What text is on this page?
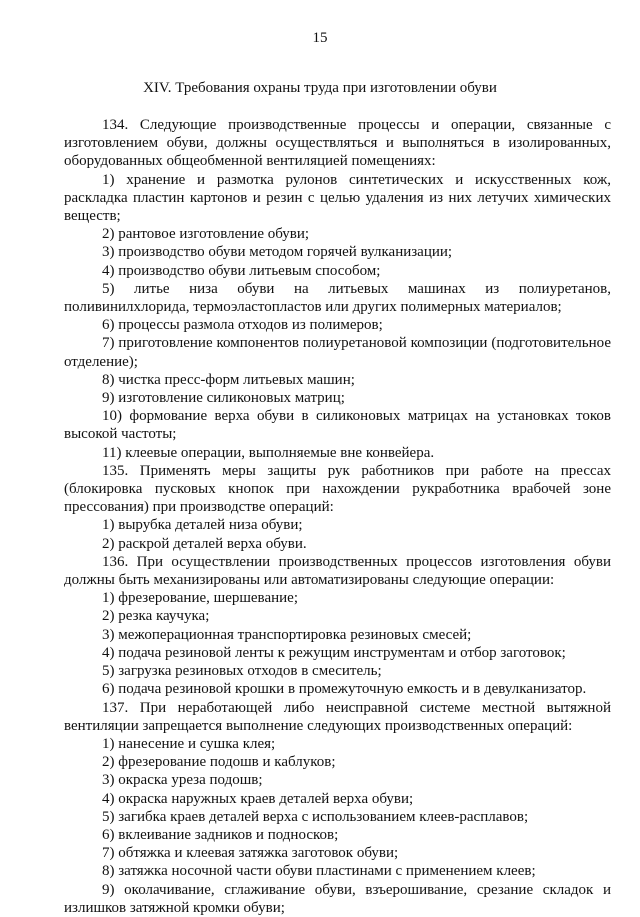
15
XIV. Требования охраны труда при изготовлении обуви

134. Следующие производственные процессы и операции, связанные с изготовлением обуви, должны осуществляться и выполняться в изолированных, оборудованных общеобменной вентиляцией помещениях:

1) хранение и размотка рулонов синтетических и искусственных кож, раскладка пластин картонов и резин с целью удаления из них летучих химических веществ;

2) рантовое изготовление обуви;

3) производство обуви методом горячей вулканизации;

4) производство обуви литьевым способом;

5) литье низа обуви на литьевых машинах из полиуретанов, поливинилхлорида, термоэластопластов или других полимерных материалов;

6) процессы размола отходов из полимеров;

7) приготовление компонентов полиуретановой композиции (подготовительное отделение);

8) чистка пресс-форм литьевых машин;

9) изготовление силиконовых матриц;

10) формование верха обуви в силиконовых матрицах на установках токов высокой частоты;

11) клеевые операции, выполняемые вне конвейера.

135. Применять меры защиты рук работников при работе на прессах (блокировка пусковых кнопок при нахождении рукработника врабочей зоне прессования) при производстве операций:

1) вырубка деталей низа обуви;

2) раскрой деталей верха обуви.

136. При осуществлении производственных процессов изготовления обуви должны быть механизированы или автоматизированы следующие операции:

1) фрезерование, шершевание;

2) резка каучука;

3) межоперационная транспортировка резиновых смесей;

4) подача резиновой ленты к режущим инструментам и отбор заготовок;

5) загрузка резиновых отходов в смеситель;

6) подача резиновой крошки в промежуточную емкость и в девулканизатор.

137. При неработающей либо неисправной системе местной вытяжной вентиляции запрещается выполнение следующих производственных операций:

1) нанесение и сушка клея;

2) фрезерование подошв и каблуков;

3) окраска уреза подошв;

4) окраска наружных краев деталей верха обуви;

5) загибка краев деталей верха с использованием клеев-расплавов;

6) вклеивание задников и подносков;

7) обтяжка и клеевая затяжка заготовок обуви;

8) затяжка носочной части обуви пластинами с применением клеев;

9) околачивание, сглаживание обуви, взъерошивание, срезание складок и излишков затяжной кромки обуви;
